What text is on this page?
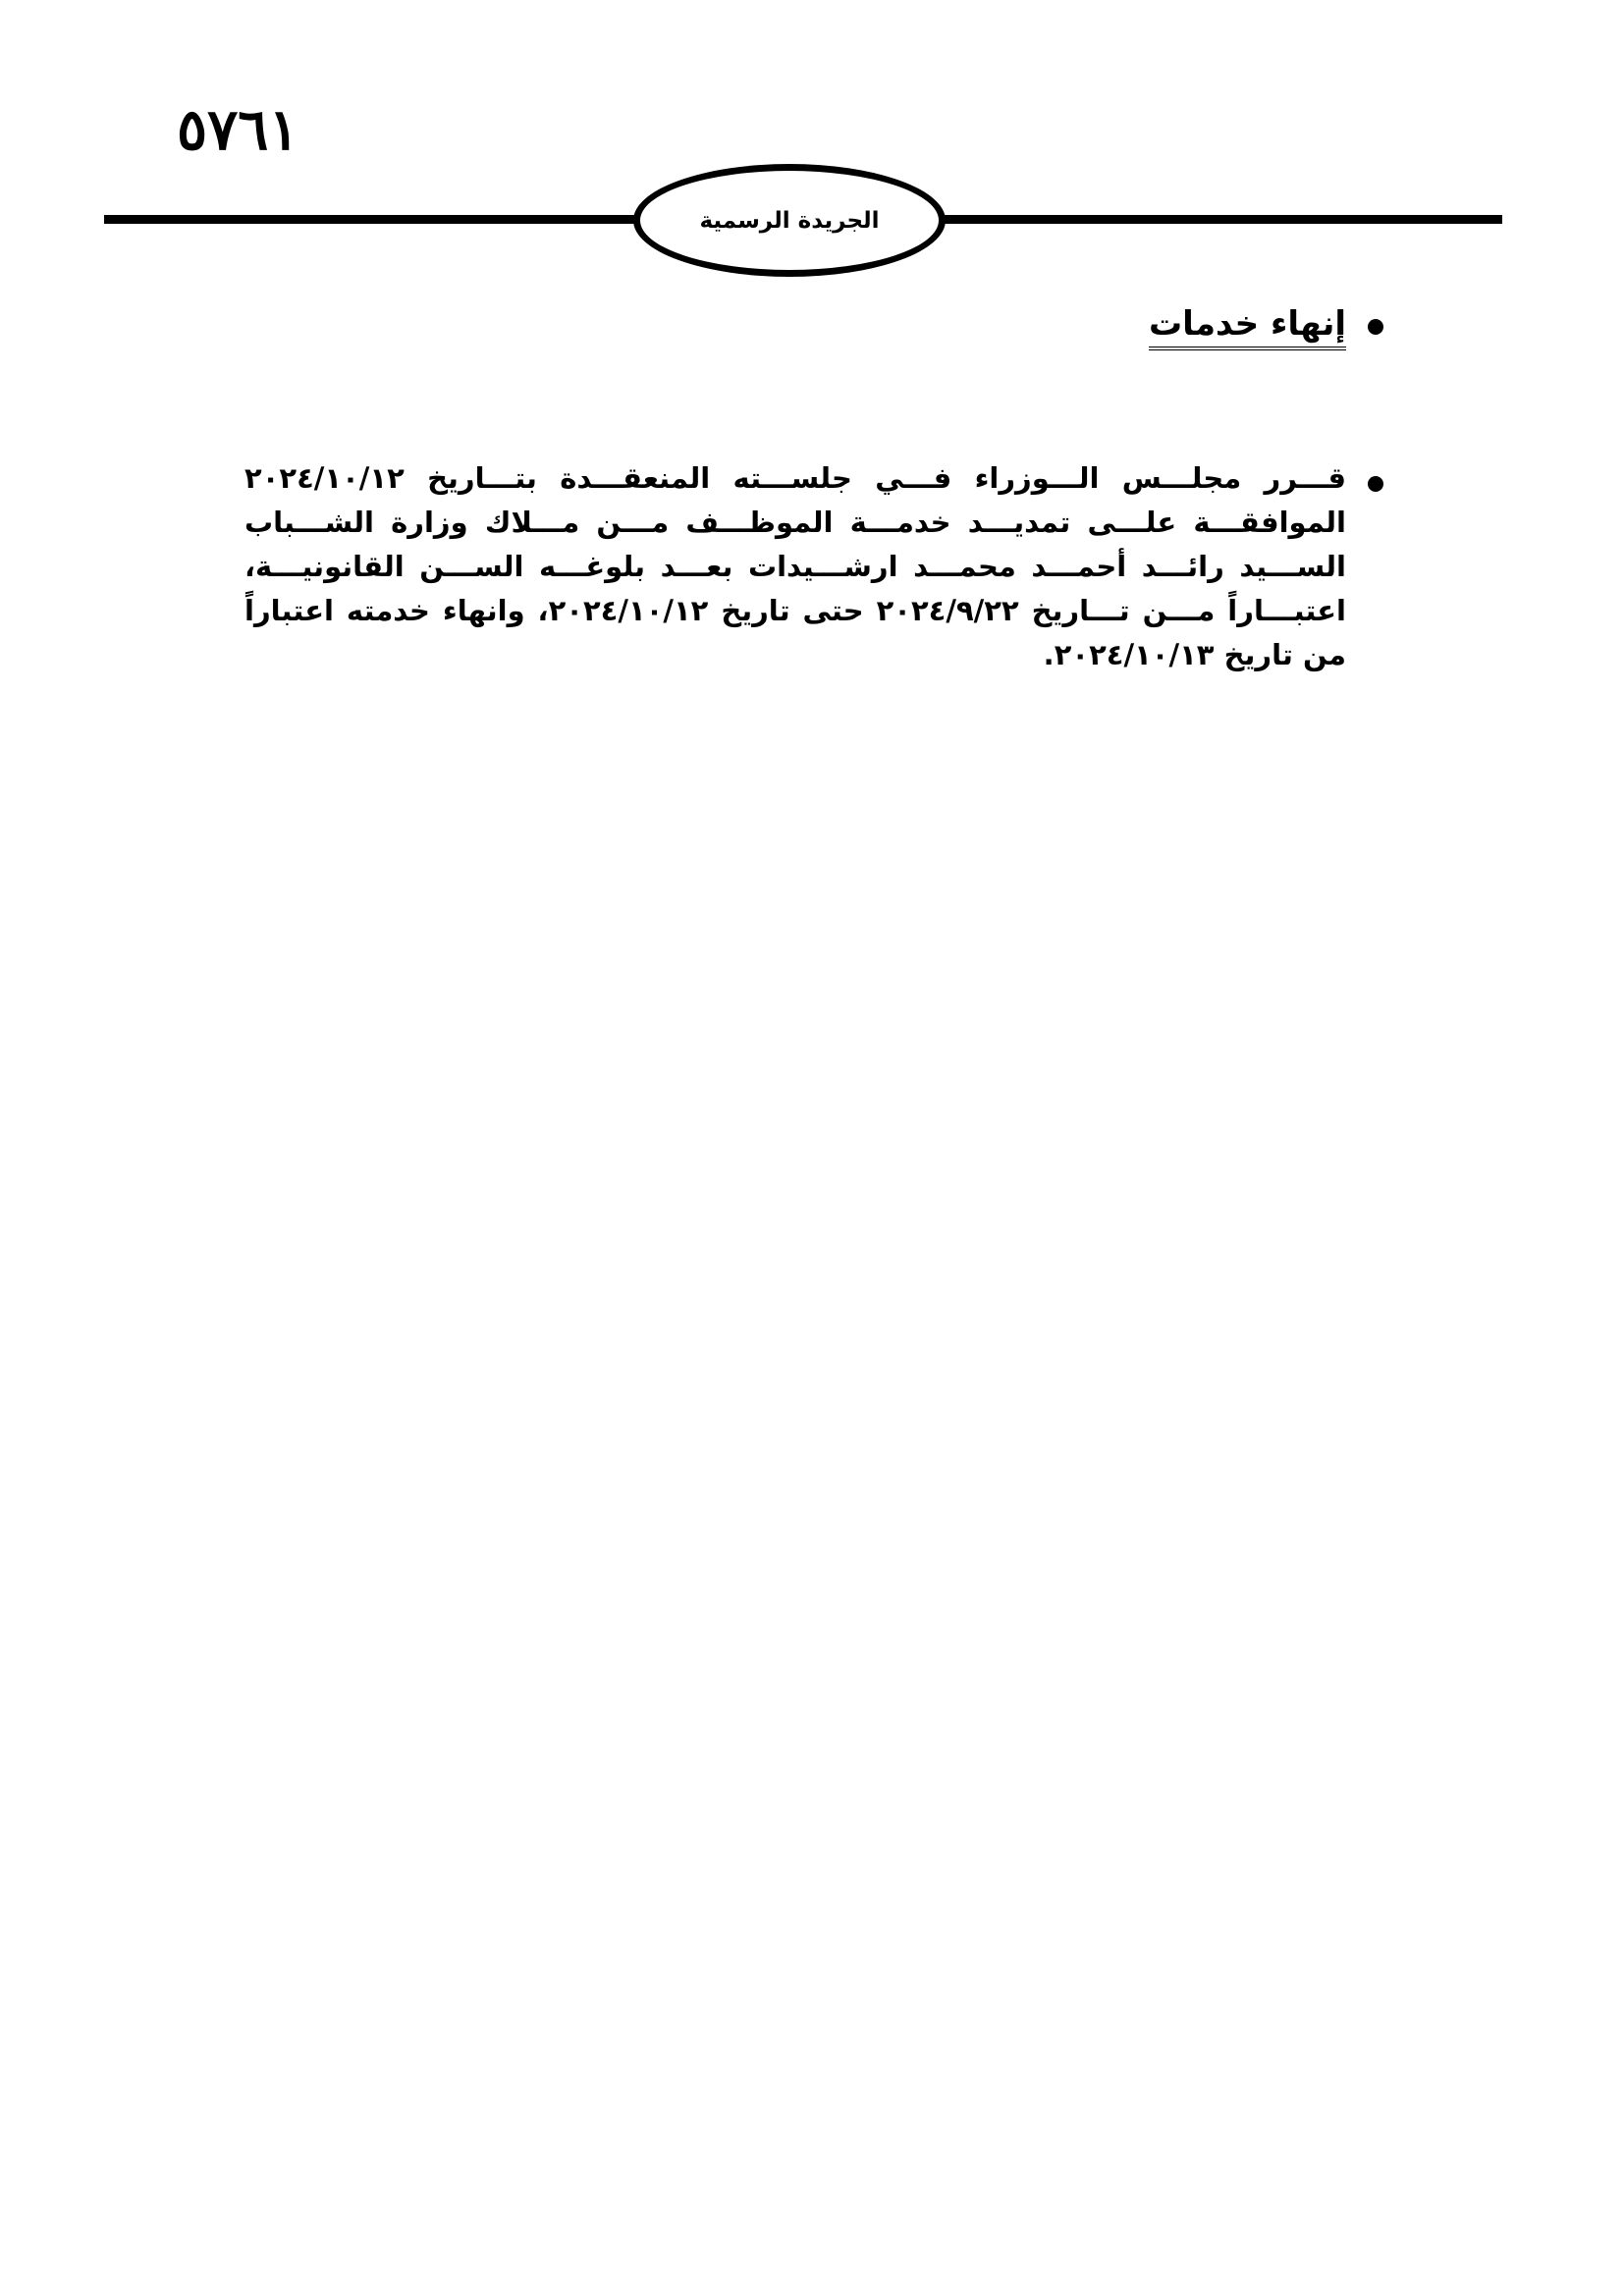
٥٧٦١
الجريدة الرسمية
إنهاء خدمات

قـــرر مجلـــس الـــوزراء فـــي جلســـته المنعقـــدة بتـــاريخ ٢٠٢٤/١٠/١٢ الموافقـــة علـــى تمديـــد خدمـــة الموظـــف مـــن مـــلاك وزارة الشـــباب الســـيد رائـــد أحمـــد محمـــد ارشـــيدات بعـــد بلوغـــه الســـن القانونيـــة، اعتبـــاراً مـــن تـــاريخ ٢٠٢٤/٩/٢٢ حتى تاريخ ٢٠٢٤/١٠/١٢، وانهاء خدمته اعتباراً من تاريخ ٢٠٢٤/١٠/١٣.
